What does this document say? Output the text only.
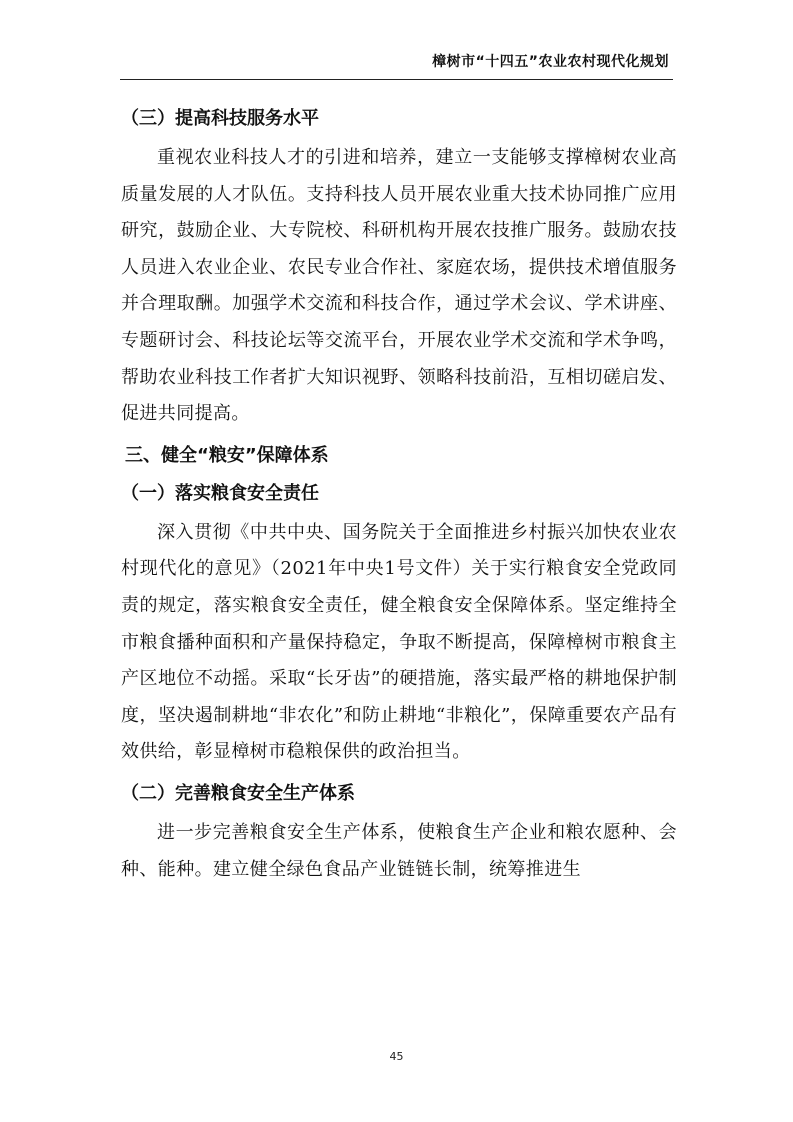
樟树市“十四五”农业农村现代化规划
（三）提高科技服务水平

重视农业科技人才的引进和培养，建立一支能够支撑樟树农业高质量发展的人才队伍。支持科技人员开展农业重大技术协同推广应用研究，鼓励企业、大专院校、科研机构开展农技推广服务。鼓励农技人员进入农业企业、农民专业合作社、家庭农场，提供技术增值服务并合理取酬。加强学术交流和科技合作，通过学术会议、学术讲座、专题研讨会、科技论坛等交流平台，开展农业学术交流和学术争鸣，帮助农业科技工作者扩大知识视野、领略科技前沿，互相切磋启发、促进共同提高。

三、健全“粮安”保障体系
（一）落实粮食安全责任

深入贯彻《中共中央、国务院关于全面推进乡村振兴加快农业农村现代化的意见》（2021年中央1号文件）关于实行粮食安全党政同责的规定，落实粮食安全责任，健全粮食安全保障体系。坚定维持全市粮食播种面积和产量保持稳定，争取不断提高，保障樟树市粮食主产区地位不动摇。采取“长牙齿”的硬措施，落实最严格的耕地保护制度，坚决遏制耕地“非农化”和防止耕地“非粮化”，保障重要农产品有效供给，彰显樟树市稳粮保供的政治担当。

（二）完善粮食安全生产体系

进一步完善粮食安全生产体系，使粮食生产企业和粮农愿种、会种、能种。建立健全绿色食品产业链链长制，统筹推进生

45
